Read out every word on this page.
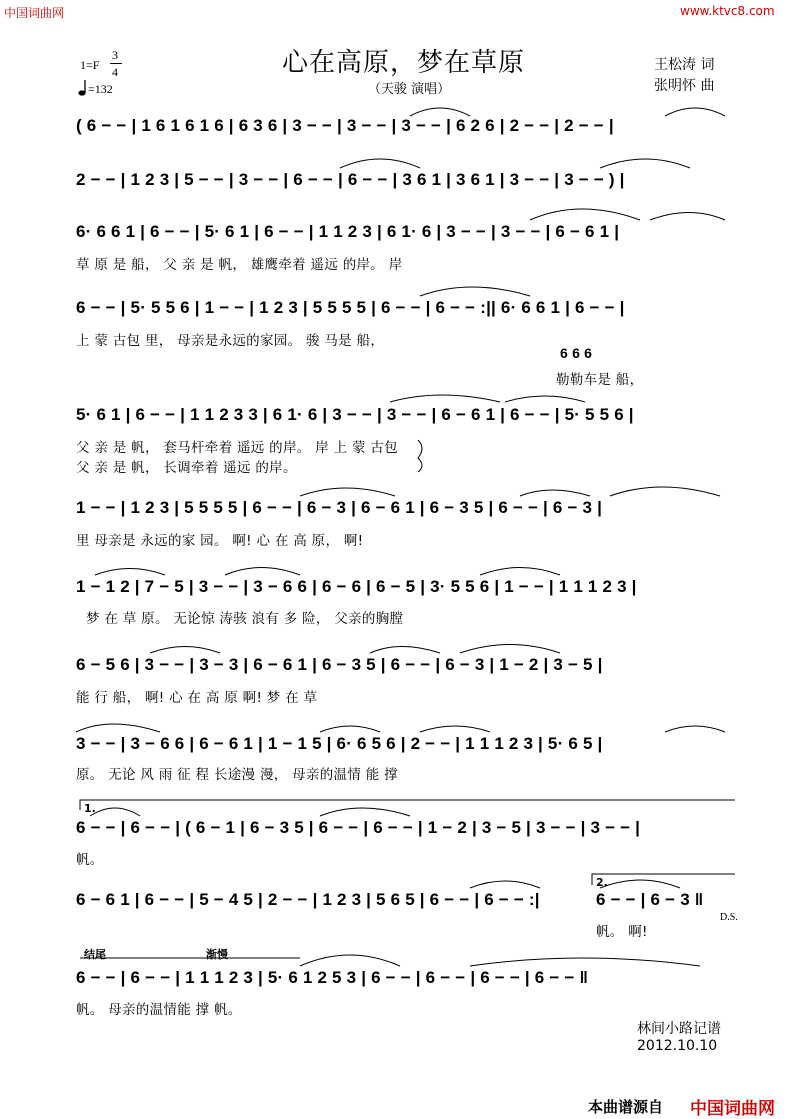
中国词曲网	www.ktvc8.com
心在高原，梦在草原
（天骏 演唱）
王松涛 词
张明怀 曲
1=F
3
4
=132
( 6 − − | 1 6 1 6 1 6 | 6 3 6 | 3 − − | 3 − − | 3 − − | 6 2 6 | 2 − − | 2 − − |
2 − − | 1 2 3 | 5 − − | 3 − − | 6 − − | 6 − − | 3 6 1 | 3 6 1 | 3 − − | 3 − − ) |
6· 6 6 1 | 6 − − | 5· 6 1 | 6 − − | 1 1 2 3 | 6 1· 6 | 3 − − | 3 − − | 6 − 6 1 |
草 原 是 船， 父 亲 是 帆， 雄鹰牵着 遥远 的岸。 岸
6 − − | 5· 5 5 6 | 1 − − | 1 2 3 | 5 5 5 5 | 6 − − | 6 − − :|| 6· 6 6 1 | 6 − − |
上 蒙 古包 里， 母亲是永远的家园。 骏 马是 船，
6 6 6
勒勒车是 船，
5· 6 1 | 6 − − | 1 1 2 3 3 | 6 1· 6 | 3 − − | 3 − − | 6 − 6 1 | 6 − − | 5· 5 5 6 |
父 亲 是 帆， 套马杆牵着 遥远 的岸。 岸 上 蒙 古包
父 亲 是 帆， 长调牵着 遥远 的岸。
1 − − | 1 2 3 | 5 5 5 5 | 6 − − | 6 − 3 | 6 − 6 1 | 6 − 3 5 | 6 − − | 6 − 3 |
里 母亲是 永远的家 园。 啊! 心 在 高 原， 啊!
1 − 1 2 | 7 − 5 | 3 − − | 3 − 6 6 | 6 − 6 | 6 − 5 | 3· 5 5 6 | 1 − − | 1 1 1 2 3 |
梦 在 草 原。 无论惊 涛骇 浪有 多 险， 父亲的胸膛
6 − 5 6 | 3 − − | 3 − 3 | 6 − 6 1 | 6 − 3 5 | 6 − − | 6 − 3 | 1 − 2 | 3 − 5 |
能 行 船， 啊! 心 在 高 原 啊! 梦 在 草
3 − − | 3 − 6 6 | 6 − 6 1 | 1 − 1 5 | 6· 6 5 6 | 2 − − | 1 1 1 2 3 | 5· 6 5 |
原。 无论 风 雨 征 程 长途漫 漫， 母亲的温情 能 撑
1.
6 − − | 6 − − | ( 6 − 1 | 6 − 3 5 | 6 − − | 6 − − | 1 − 2 | 3 − 5 | 3 − − | 3 − − |
帆。
6 − 6 1 | 6 − − | 5 − 4 5 | 2 − − | 1 2 3 | 5 6 5 | 6 − − | 6 − − :|
2.
6 − − | 6 − 3 ‖
帆。 啊!
D.S.
结尾	渐慢
6 − − | 6 − − | 1 1 1 2 3 | 5· 6 1 2 5 3 | 6 − − | 6 − − | 6 − − | 6 − − ‖
帆。 母亲的温情能 撑 帆。
林间小路记谱
2012.10.10
本曲谱源自 中国词曲网
